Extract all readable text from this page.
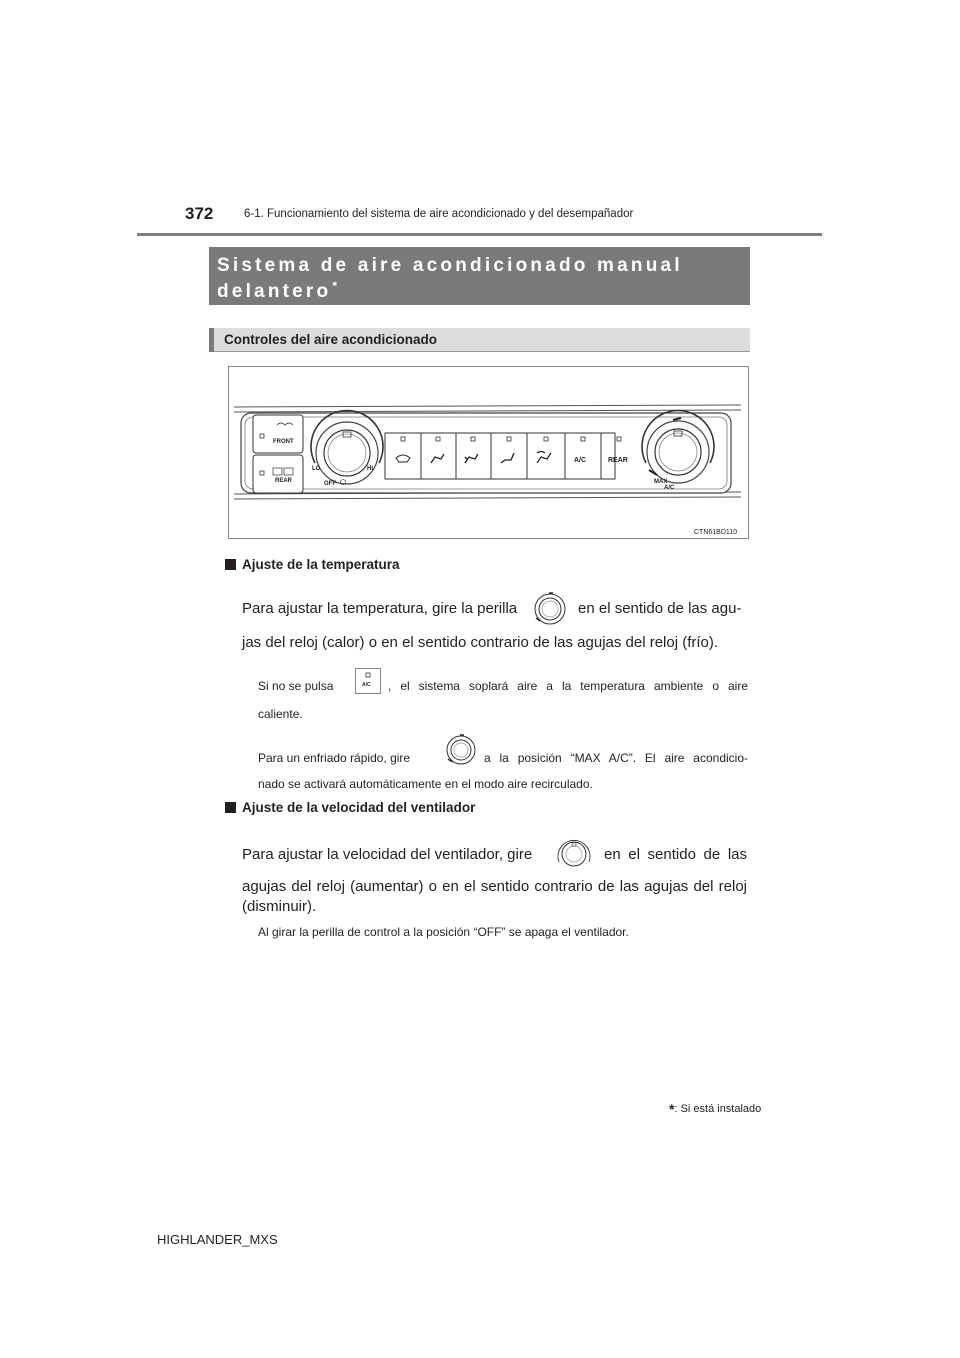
372	6-1. Funcionamiento del sistema de aire acondicionado y del desempañador
Sistema de aire acondicionado manual delantero*
Controles del aire acondicionado
FRONT
REAR
LO	HI
OFF
A/C	REAR
MAX
A/C
CTN61BD110
Ajuste de la temperatura
Para ajustar la temperatura, gire la perilla	en el sentido de las agu-
jas del reloj (calor) o en el sentido contrario de las agujas del reloj (frío).
Si no se pulsa	A/C , el sistema soplará aire a la temperatura ambiente o aire
caliente.
Para un enfriado rápido, gire	a la posición “MAX A/C”. El aire acondicio-
nado se activará automáticamente en el modo aire recirculado.
Ajuste de la velocidad del ventilador
Para ajustar la velocidad del ventilador, gire	en el sentido de las
agujas del reloj (aumentar) o en el sentido contrario de las agujas del reloj
(disminuir).
Al girar la perilla de control a la posición “OFF” se apaga el ventilador.
*: Si está instalado
HIGHLANDER_MXS
